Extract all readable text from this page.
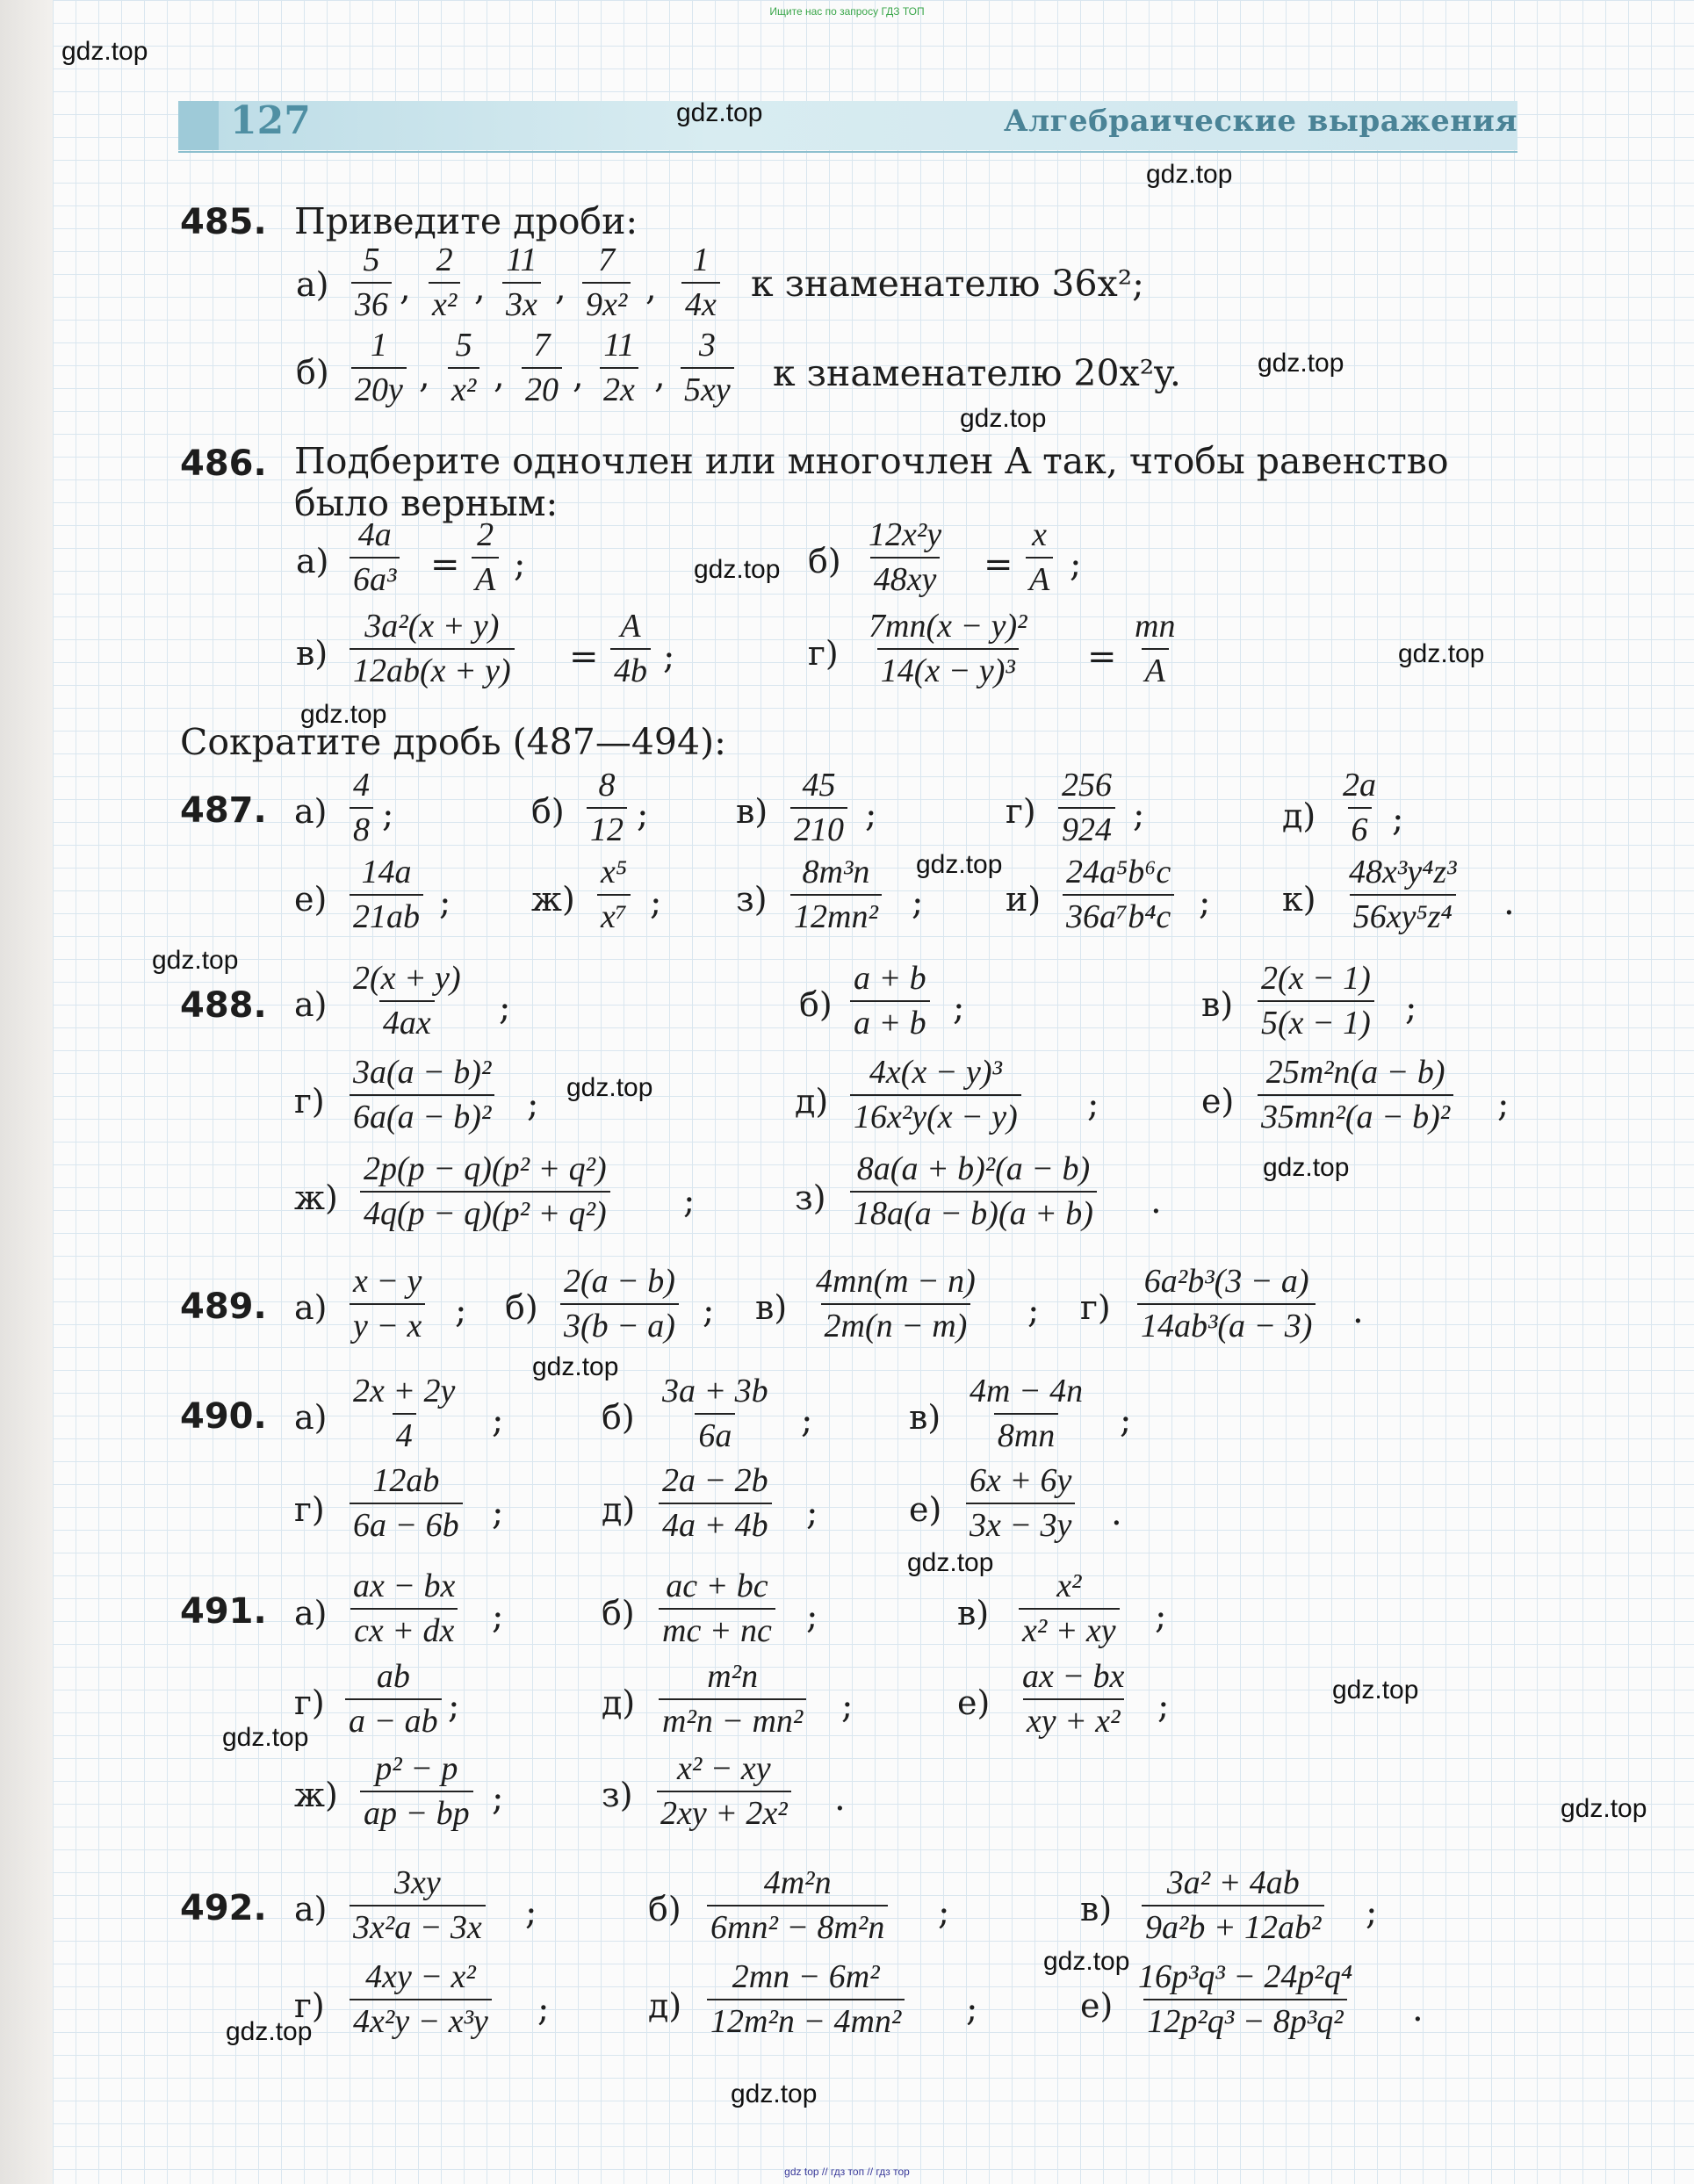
Ищите нас по запросу ГДЗ ТОП
127	Алгебраические выражения
485. Приведите дроби:
$а) \frac{5}{36}$ , $\frac{2}{\text{x²}}$ , $\frac{11}{3x}$ , $\frac{7}{\text{9x²}}$ , $\frac{1}{4x}$ к знаменателю 36x²;
$б) \frac{1}{20y}$ , $\frac{5}{\text{x²}}$ , $\frac{7}{20}$ , $\frac{11}{2x}$ , $\frac{3}{5xy}$ к знаменателю 20x²y.
486. Подберите одночлен или многочлен A так, чтобы равенство
было верным:
$а) \frac{4a}{\text{6a³}} = \frac{2}{A}$ ;	$б) \frac{\text{12x²y}}{48xy} = \frac{x}{A}$ ;
$в) \frac{\text{3a²(x + y)}}{12ab(x + y)} = \frac{A}{4b}$ ;	$г) \frac{\text{7mn(x − y)²}}{\text{14(x − y)³}} = \frac{mn}{A}$
Сократите дробь (487—494):
487. $а) \frac{4}{8}$ ;	$б) \frac{8}{12}$ ;	$в) \frac{45}{210}$ ;	$г) \frac{256}{924}$ ;	$д) \frac{2a}{6}$ ;
$е) \frac{14a}{21ab}$ ; $ж) \frac{\text{x⁵}}{\text{x⁷}}$ ; $з) \frac{\text{8m³n}}{\text{12mn²}}$ ; $и) \frac{\text{24a⁵b⁶c}}{\text{36a⁷b⁴c}}$ ; $к) \frac{\text{48x³y⁴z³}}{\text{56xy⁵z⁴}}$ .
488. $а) \frac{2(x + y)}{4ax}$ ;	$б) \frac{a + b}{a + b}$ ;	$в) \frac{2(x - 1)}{5(x - 1)}$ ;
$г) \frac{\text{3a(a − b)²}}{\text{6a(a − b)²}}$ ;	$д) \frac{\text{4x(x − y)³}}{\text{16x²y(x − y)}}$ ;	$е) \frac{\text{25m²n(a − b)}}{\text{35mn²(a − b)²}}$ ;
$ж) \frac{\text{2p(p − q)(p² + q²)}}{\text{4q(p − q)(p² + q²)}}$ ;	$з) \frac{\text{8a(a + b)²(a − b)}}{18a(a - b)(a + b)}$ .
489. $а) \frac{x - y}{y - x}$ ; $б) \frac{2(a - b)}{3(b - a)}$ ; $в) \frac{4mn(m - n)}{2m(n - m)}$ ; $г) \frac{\text{6a²b³(3 − a)}}{\text{14ab³(a − 3)}}$ .
490. $а) \frac{2x + 2y}{4}$ ;	$б) \frac{3a + 3b}{6a}$ ;	$в) \frac{4m - 4n}{8mn}$ ;
$г) \frac{12ab}{6a - 6b}$ ;	$д) \frac{2a - 2b}{4a + 4b}$ ;	$е) \frac{6x + 6y}{3x - 3y}$ .
491. $а) \frac{ax - bx}{cx + dx}$ ;	$б) \frac{ac + bc}{mc + nc}$ ;	$в) \frac{\text{x²}}{\text{x² + xy}}$ ;
$г) \frac{ab}{a - ab}$ ;	$д) \frac{\text{m²n}}{\text{m²n − mn²}}$ ;	$е) \frac{ax - bx}{\text{xy + x²}}$ ;
$ж) \frac{\text{p² − p}}{ap - bp}$ ;	$з) \frac{\text{x² − xy}}{\text{2xy + 2x²}}$ .
492. $а) \frac{3xy}{\text{3x²a − 3x}}$ ;	$б) \frac{\text{4m²n}}{\text{6mn² − 8m²n}}$ ;	$в) \frac{\text{3a² + 4ab}}{\text{9a²b + 12ab²}}$ ;
$г) \frac{\text{4xy − x²}}{\text{4x²y − x³y}}$ ;	$д) \frac{\text{2mn − 6m²}}{\text{12m²n − 4mn²}}$ ;	$е) \frac{\text{16p³q³ − 24p²q⁴}}{\text{12p²q³ − 8p³q²}}$ .
gdz.top
gdz.top
gdz.top
gdz.top
gdz.top
gdz.top
gdz.top
gdz.top
gdz.top
gdz.top
gdz.top
gdz.top
gdz.top
gdz.top
gdz.top
gdz.top
gdz.top
gdz.top
gdz.top
gdz.top
gdz top // гдз топ // гдз тор
